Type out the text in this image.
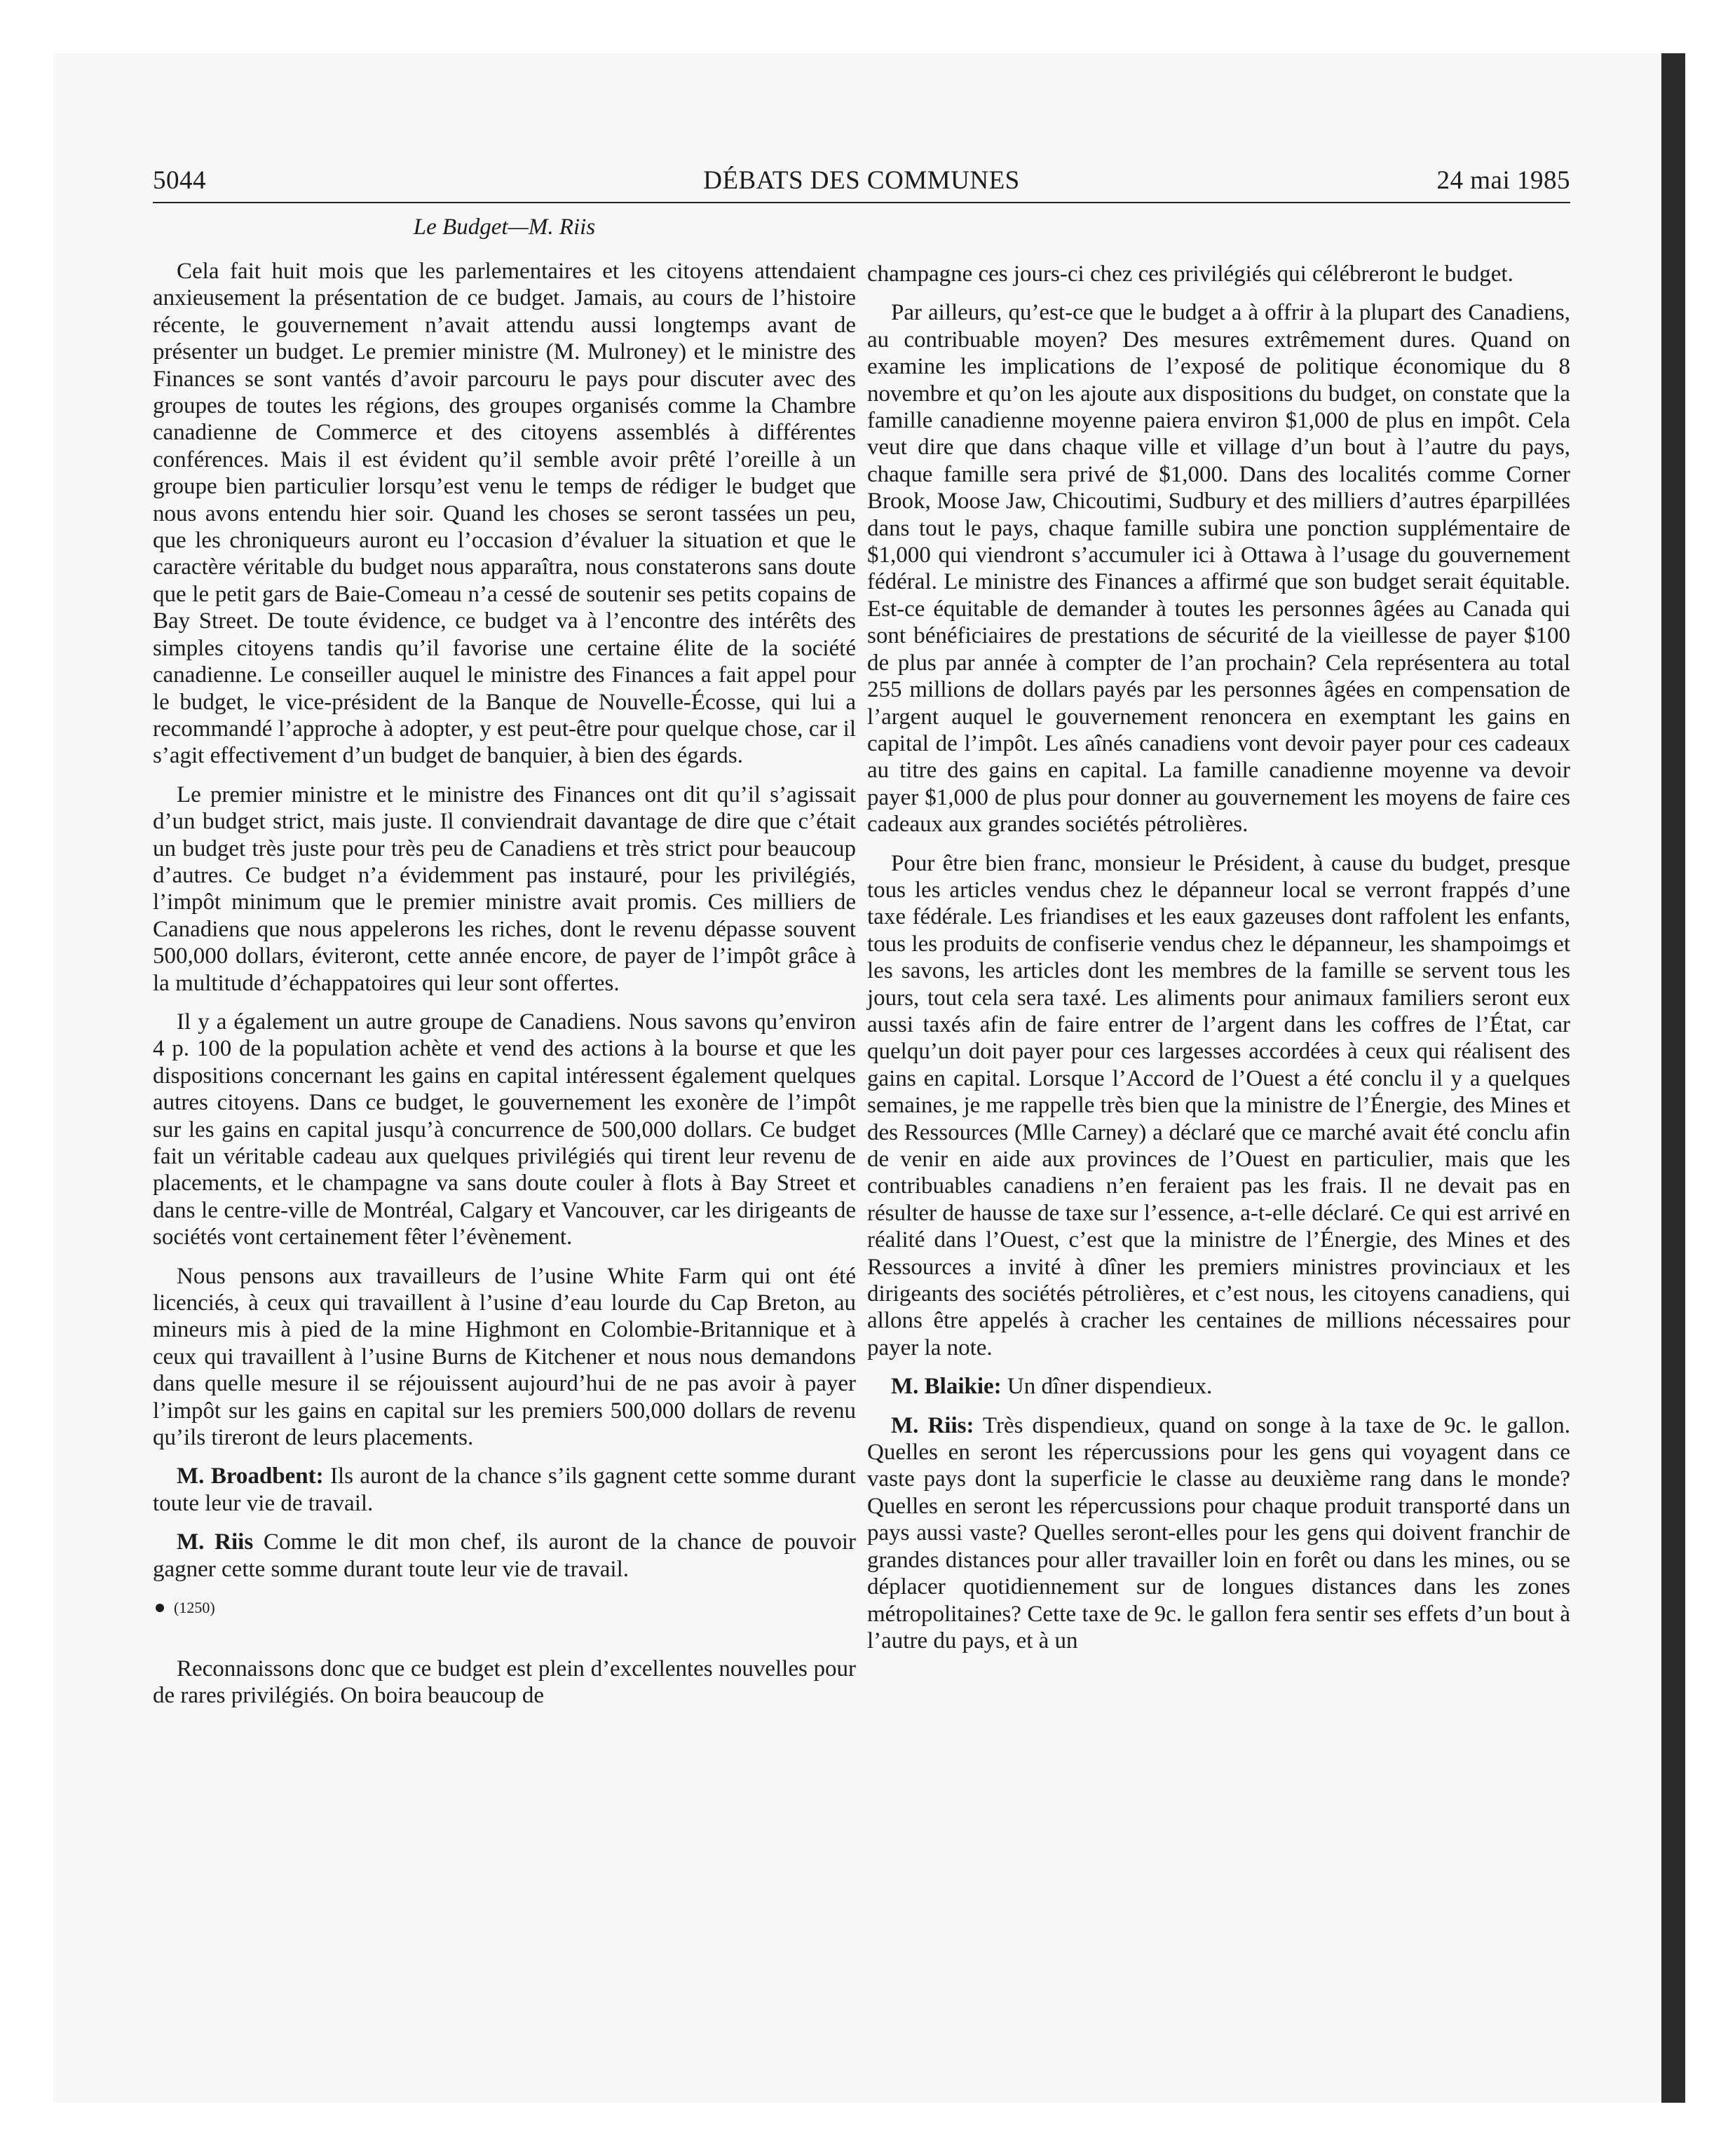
5044	DÉBATS DES COMMUNES	24 mai 1985
Le Budget—M. Riis

Cela fait huit mois que les parlementaires et les citoyens attendaient anxieusement la présentation de ce budget. Jamais, au cours de l’histoire récente, le gouvernement n’avait attendu aussi longtemps avant de présenter un budget. Le premier ministre (M. Mulroney) et le ministre des Finances se sont vantés d’avoir parcouru le pays pour discuter avec des groupes de toutes les régions, des groupes organisés comme la Chambre canadienne de Commerce et des citoyens assemblés à différentes conférences. Mais il est évident qu’il semble avoir prêté l’oreille à un groupe bien particulier lorsqu’est venu le temps de rédiger le budget que nous avons entendu hier soir. Quand les choses se seront tassées un peu, que les chroniqueurs auront eu l’occasion d’évaluer la situation et que le caractère véritable du budget nous apparaîtra, nous constaterons sans doute que le petit gars de Baie-Comeau n’a cessé de soutenir ses petits copains de Bay Street. De toute évidence, ce budget va à l’encontre des intérêts des simples citoyens tandis qu’il favorise une certaine élite de la société canadienne. Le conseiller auquel le ministre des Finances a fait appel pour le budget, le vice-président de la Banque de Nouvelle-Écosse, qui lui a recommandé l’approche à adopter, y est peut-être pour quelque chose, car il s’agit effectivement d’un budget de banquier, à bien des égards.

Le premier ministre et le ministre des Finances ont dit qu’il s’agissait d’un budget strict, mais juste. Il conviendrait davantage de dire que c’était un budget très juste pour très peu de Canadiens et très strict pour beaucoup d’autres. Ce budget n’a évidemment pas instauré, pour les privilégiés, l’impôt minimum que le premier ministre avait promis. Ces milliers de Canadiens que nous appelerons les riches, dont le revenu dépasse souvent 500,000 dollars, éviteront, cette année encore, de payer de l’impôt grâce à la multitude d’échappatoires qui leur sont offertes.

Il y a également un autre groupe de Canadiens. Nous savons qu’environ 4 p. 100 de la population achète et vend des actions à la bourse et que les dispositions concernant les gains en capital intéressent également quelques autres citoyens. Dans ce budget, le gouvernement les exonère de l’impôt sur les gains en capital jusqu’à concurrence de 500,000 dollars. Ce budget fait un véritable cadeau aux quelques privilégiés qui tirent leur revenu de placements, et le champagne va sans doute couler à flots à Bay Street et dans le centre-ville de Montréal, Calgary et Vancouver, car les dirigeants de sociétés vont certainement fêter l’évènement.

Nous pensons aux travailleurs de l’usine White Farm qui ont été licenciés, à ceux qui travaillent à l’usine d’eau lourde du Cap Breton, au mineurs mis à pied de la mine Highmont en Colombie-Britannique et à ceux qui travaillent à l’usine Burns de Kitchener et nous nous demandons dans quelle mesure il se réjouissent aujourd’hui de ne pas avoir à payer l’impôt sur les gains en capital sur les premiers 500,000 dollars de revenu qu’ils tireront de leurs placements.

M. Broadbent: Ils auront de la chance s’ils gagnent cette somme durant toute leur vie de travail.

M. Riis Comme le dit mon chef, ils auront de la chance de pouvoir gagner cette somme durant toute leur vie de travail.

(1250)

Reconnaissons donc que ce budget est plein d’excellentes nouvelles pour de rares privilégiés. On boira beaucoup de

champagne ces jours-ci chez ces privilégiés qui célébreront le budget.

Par ailleurs, qu’est-ce que le budget a à offrir à la plupart des Canadiens, au contribuable moyen? Des mesures extrêmement dures. Quand on examine les implications de l’exposé de politique économique du 8 novembre et qu’on les ajoute aux dispositions du budget, on constate que la famille canadienne moyenne paiera environ $1,000 de plus en impôt. Cela veut dire que dans chaque ville et village d’un bout à l’autre du pays, chaque famille sera privé de $1,000. Dans des localités comme Corner Brook, Moose Jaw, Chicoutimi, Sudbury et des milliers d’autres éparpillées dans tout le pays, chaque famille subira une ponction supplémentaire de $1,000 qui viendront s’accumuler ici à Ottawa à l’usage du gouvernement fédéral. Le ministre des Finances a affirmé que son budget serait équitable. Est-ce équitable de demander à toutes les personnes âgées au Canada qui sont bénéficiaires de prestations de sécurité de la vieillesse de payer $100 de plus par année à compter de l’an prochain? Cela représentera au total 255 millions de dollars payés par les personnes âgées en compensation de l’argent auquel le gouvernement renoncera en exemptant les gains en capital de l’impôt. Les aînés canadiens vont devoir payer pour ces cadeaux au titre des gains en capital. La famille canadienne moyenne va devoir payer $1,000 de plus pour donner au gouvernement les moyens de faire ces cadeaux aux grandes sociétés pétrolières.

Pour être bien franc, monsieur le Président, à cause du budget, presque tous les articles vendus chez le dépanneur local se verront frappés d’une taxe fédérale. Les friandises et les eaux gazeuses dont raffolent les enfants, tous les produits de confiserie vendus chez le dépanneur, les shampoimgs et les savons, les articles dont les membres de la famille se servent tous les jours, tout cela sera taxé. Les aliments pour animaux familiers seront eux aussi taxés afin de faire entrer de l’argent dans les coffres de l’État, car quelqu’un doit payer pour ces largesses accordées à ceux qui réalisent des gains en capital. Lorsque l’Accord de l’Ouest a été conclu il y a quelques semaines, je me rappelle très bien que la ministre de l’Énergie, des Mines et des Ressources (Mlle Carney) a déclaré que ce marché avait été conclu afin de venir en aide aux provinces de l’Ouest en particulier, mais que les contribuables canadiens n’en feraient pas les frais. Il ne devait pas en résulter de hausse de taxe sur l’essence, a-t-elle déclaré. Ce qui est arrivé en réalité dans l’Ouest, c’est que la ministre de l’Énergie, des Mines et des Ressources a invité à dîner les premiers ministres provinciaux et les dirigeants des sociétés pétrolières, et c’est nous, les citoyens canadiens, qui allons être appelés à cracher les centaines de millions nécessaires pour payer la note.

M. Blaikie: Un dîner dispendieux.

M. Riis: Très dispendieux, quand on songe à la taxe de 9c. le gallon. Quelles en seront les répercussions pour les gens qui voyagent dans ce vaste pays dont la superficie le classe au deuxième rang dans le monde? Quelles en seront les répercussions pour chaque produit transporté dans un pays aussi vaste? Quelles seront-elles pour les gens qui doivent franchir de grandes distances pour aller travailler loin en forêt ou dans les mines, ou se déplacer quotidiennement sur de longues distances dans les zones métropolitaines? Cette taxe de 9c. le gallon fera sentir ses effets d’un bout à l’autre du pays, et à un
